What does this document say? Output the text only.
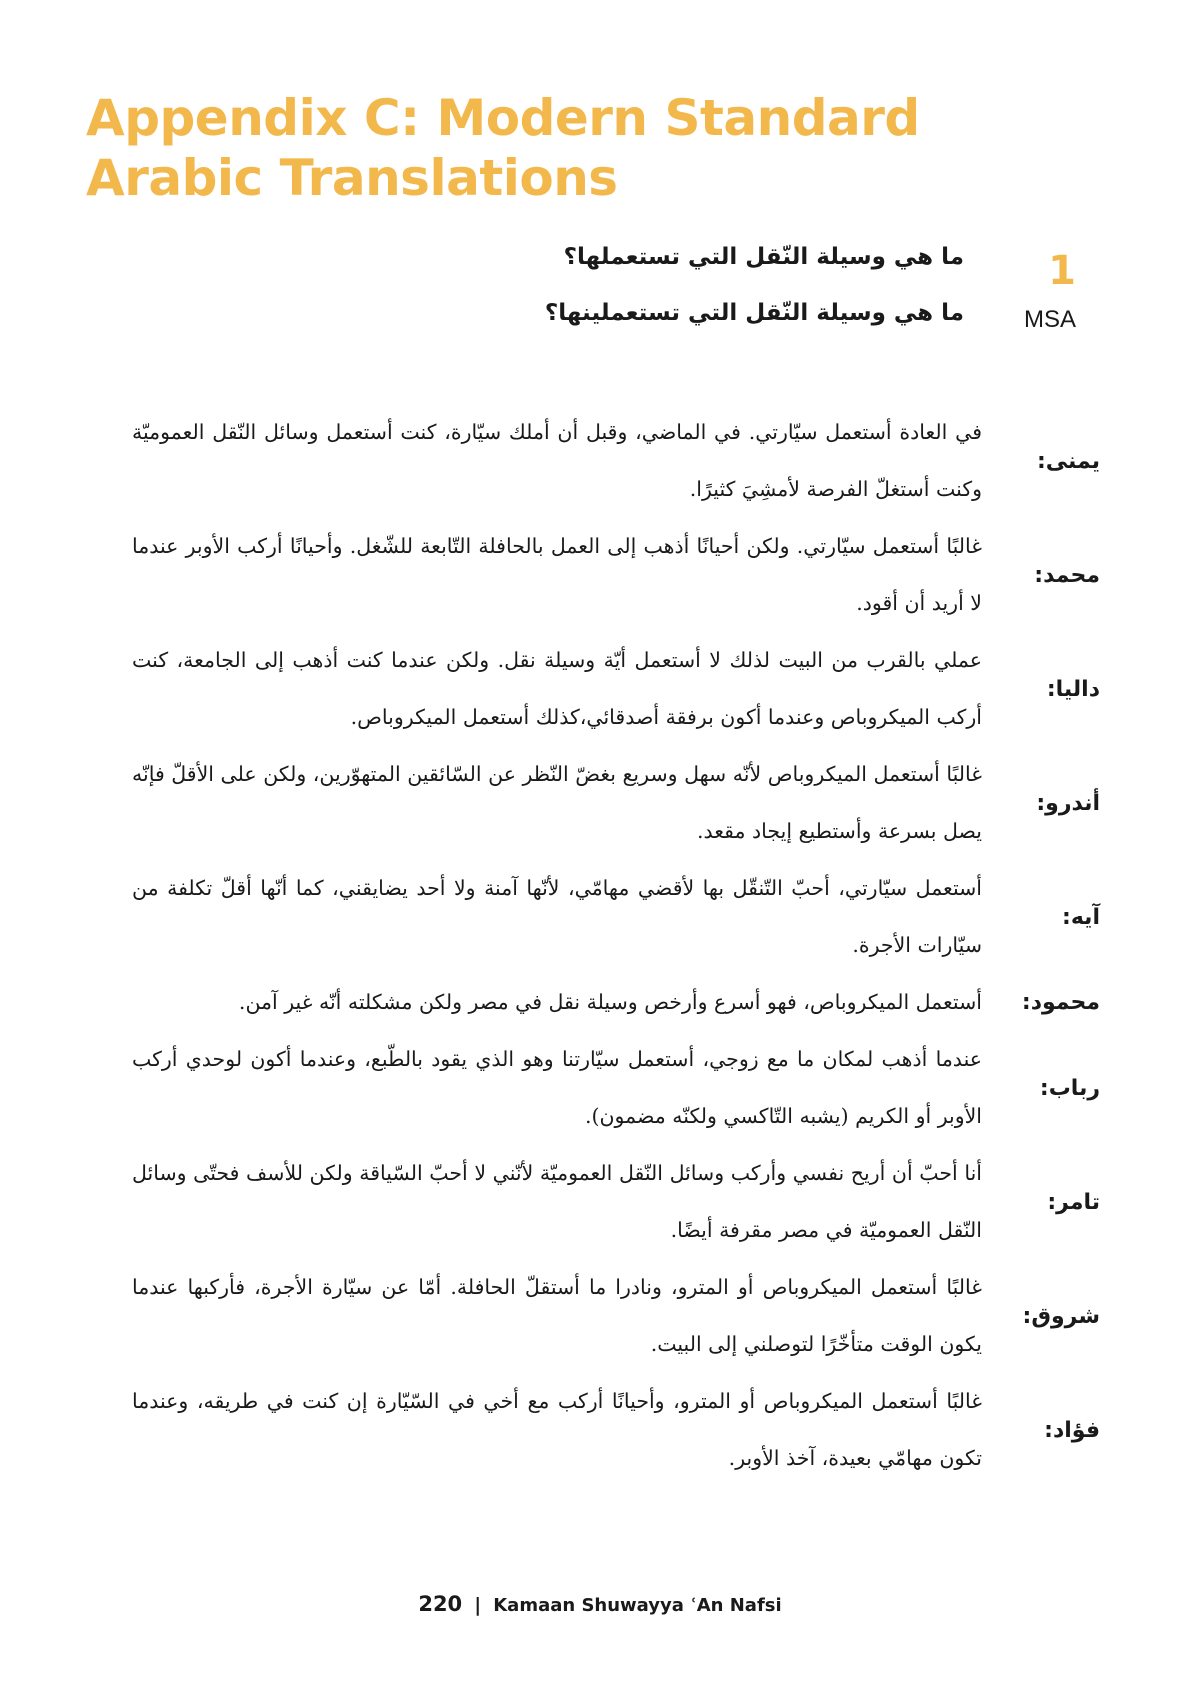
Appendix C: Modern Standard Arabic Translations
1
MSA
ما هي وسيلة النّقل التي تستعملها؟
ما هي وسيلة النّقل التي تستعملينها؟
يمنى:
في العادة أستعمل سيّارتي. في الماضي، وقبل أن أملك سيّارة، كنت أستعمل وسائل النّقل العموميّة وكنت أستغلّ الفرصة لأمشِيَ كثيرًا.
محمد:
غالبًا أستعمل سيّارتي. ولكن أحيانًا أذهب إلى العمل بالحافلة التّابعة للشّغل. وأحيانًا أركب الأوبر عندما لا أريد أن أقود.
داليا:
عملي بالقرب من البيت لذلك لا أستعمل أيّة وسيلة نقل. ولكن عندما كنت أذهب إلى الجامعة، كنت أركب الميكروباص وعندما أكون برفقة أصدقائي،كذلك أستعمل الميكروباص.
أندرو:
غالبًا أستعمل الميكروباص لأنّه سهل وسريع بغضّ النّظر عن السّائقين المتهوّرين، ولكن على الأقلّ فإنّه يصل بسرعة وأستطيع إيجاد مقعد.
آيه:
أستعمل سيّارتي، أحبّ التّنقّل بها لأقضي مهامّي، لأنّها آمنة ولا أحد يضايقني، كما أنّها أقلّ تكلفة من سيّارات الأجرة.
محمود:
أستعمل الميكروباص، فهو أسرع وأرخص وسيلة نقل في مصر ولكن مشكلته أنّه غير آمن.
رباب:
عندما أذهب لمكان ما مع زوجي، أستعمل سيّارتنا وهو الذي يقود بالطّبع، وعندما أكون لوحدي أركب الأوبر أو الكريم (يشبه التّاكسي ولكنّه مضمون).
تامر:
أنا أحبّ أن أريح نفسي وأركب وسائل النّقل العموميّة لأنّني لا أحبّ السّياقة ولكن للأسف فحتّى وسائل النّقل العموميّة في مصر مقرفة أيضًا.
شروق:
غالبًا أستعمل الميكروباص أو المترو، ونادرا ما أستقلّ الحافلة. أمّا عن سيّارة الأجرة، فأركبها عندما يكون الوقت متأخّرًا لتوصلني إلى البيت.
فؤاد:
غالبًا أستعمل الميكروباص أو المترو، وأحيانًا أركب مع أخي في السّيّارة إن كنت في طريقه، وعندما تكون مهامّي بعيدة، آخذ الأوبر.
220 | Kamaan Shuwayya ʿAn Nafsi
